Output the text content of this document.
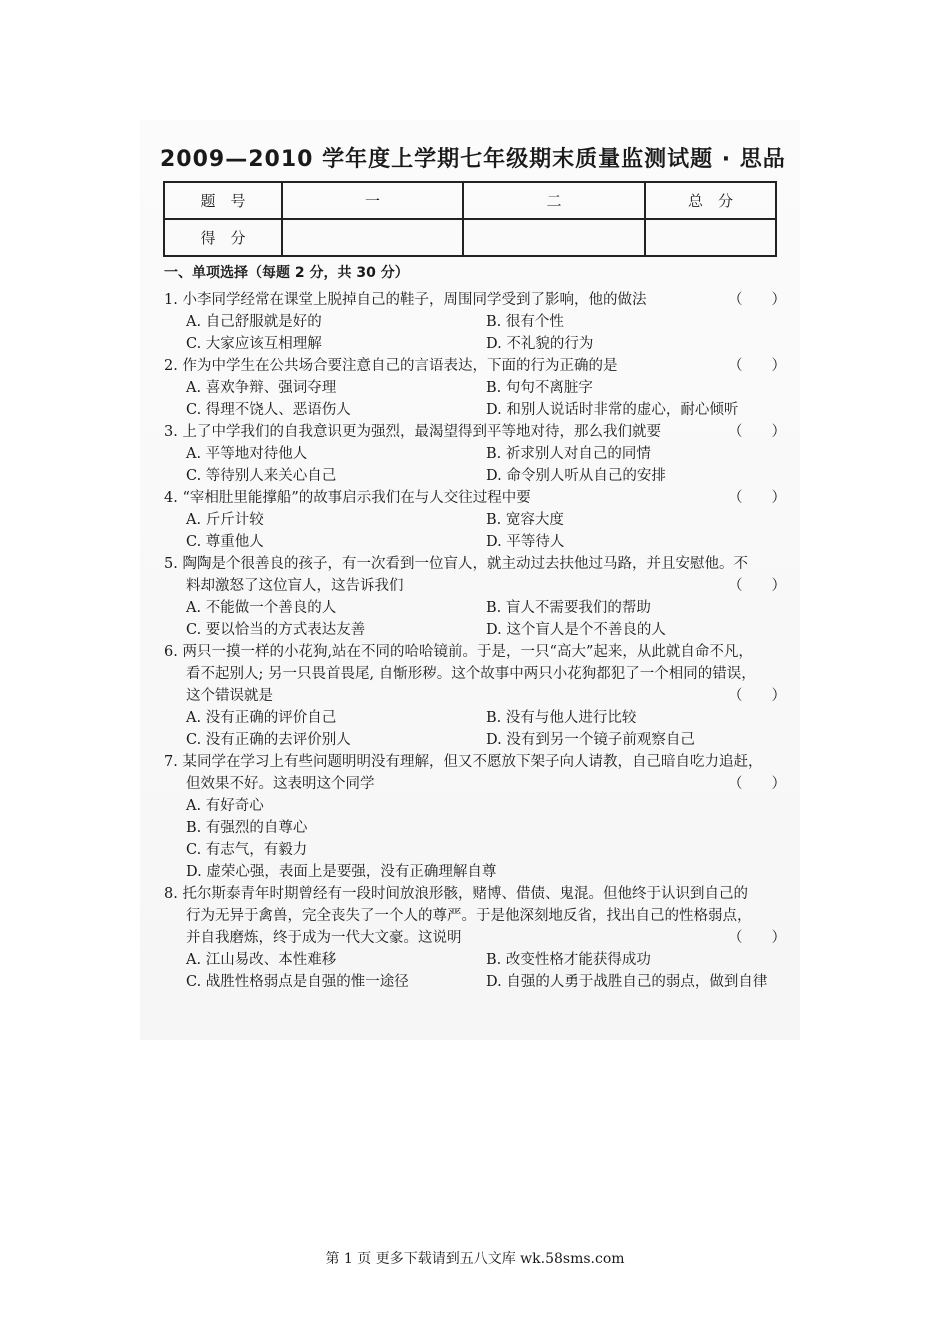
2009—2010 学年度上学期七年级期末质量监测试题 · 思品
题　号	一	二	总　分
得　分			
一、单项选择（每题 2 分，共 30 分）
1. 小李同学经常在课堂上脱掉自己的鞋子，周围同学受到了影响，他的做法	（　　）
A. 自己舒服就是好的	B. 很有个性
C. 大家应该互相理解	D. 不礼貌的行为
2. 作为中学生在公共场合要注意自己的言语表达，下面的行为正确的是	（　　）
A. 喜欢争辩、强词夺理	B. 句句不离脏字
C. 得理不饶人、恶语伤人	D. 和别人说话时非常的虚心，耐心倾听
3. 上了中学我们的自我意识更为强烈，最渴望得到平等地对待，那么我们就要	（　　）
A. 平等地对待他人	B. 祈求别人对自己的同情
C. 等待别人来关心自己	D. 命令别人听从自己的安排
4. “宰相肚里能撑船”的故事启示我们在与人交往过程中要	（　　）
A. 斤斤计较	B. 宽容大度
C. 尊重他人	D. 平等待人
5. 陶陶是个很善良的孩子，有一次看到一位盲人，就主动过去扶他过马路，并且安慰他。不
料却激怒了这位盲人，这告诉我们	（　　）
A. 不能做一个善良的人	B. 盲人不需要我们的帮助
C. 要以恰当的方式表达友善	D. 这个盲人是个不善良的人
6. 两只一摸一样的小花狗,站在不同的哈哈镜前。于是，一只“高大”起来，从此就自命不凡，
看不起别人; 另一只畏首畏尾, 自惭形秽。这个故事中两只小花狗都犯了一个相同的错误，
这个错误就是	（　　）
A. 没有正确的评价自己	B. 没有与他人进行比较
C. 没有正确的去评价别人	D. 没有到另一个镜子前观察自己
7. 某同学在学习上有些问题明明没有理解，但又不愿放下架子向人请教，自己暗自吃力追赶，
但效果不好。这表明这个同学	（　　）
A. 有好奇心
B. 有强烈的自尊心
C. 有志气，有毅力
D. 虚荣心强，表面上是要强，没有正确理解自尊
8. 托尔斯泰青年时期曾经有一段时间放浪形骸，赌博、借债、鬼混。但他终于认识到自己的
行为无异于禽兽，完全丧失了一个人的尊严。于是他深刻地反省，找出自己的性格弱点，
并自我磨炼，终于成为一代大文豪。这说明	（　　）
A. 江山易改、本性难移	B. 改变性格才能获得成功
C. 战胜性格弱点是自强的惟一途径	D. 自强的人勇于战胜自己的弱点，做到自律
第 1 页 更多下载请到五八文库 wk.58sms.com
